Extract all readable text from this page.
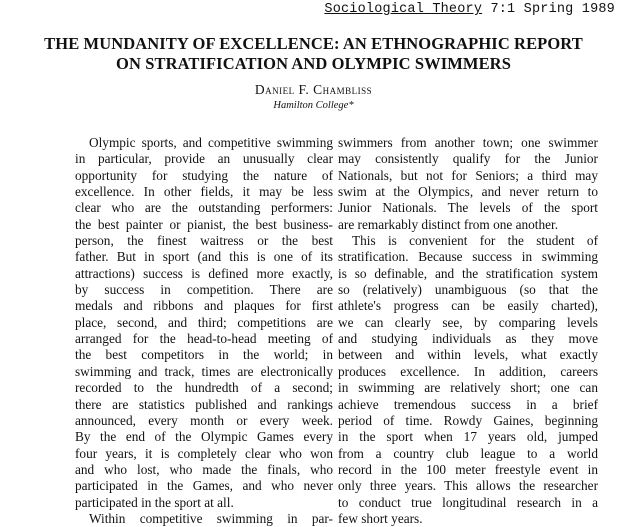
Sociological Theory 7:1 Spring 1989
THE MUNDANITY OF EXCELLENCE: AN ETHNOGRAPHIC REPORT
ON STRATIFICATION AND OLYMPIC SWIMMERS
Daniel F. Chambliss
Hamilton College*
Olympic sports, and competitive swimming
in particular, provide an unusually clear
opportunity for studying the nature of
excellence. In other fields, it may be less
clear who are the outstanding performers:
the best painter or pianist, the best business-
person, the finest waitress or the best
father. But in sport (and this is one of its
attractions) success is defined more exactly,
by success in competition. There are
medals and ribbons and plaques for first
place, second, and third; competitions are
arranged for the head-to-head meeting of
the best competitors in the world; in
swimming and track, times are electronically
recorded to the hundredth of a second;
there are statistics published and rankings
announced, every month or every week.
By the end of the Olympic Games every
four years, it is completely clear who won
and who lost, who made the finals, who
participated in the Games, and who never
participated in the sport at all.
Within competitive swimming in par-
swimmers from another town; one swimmer
may consistently qualify for the Junior
Nationals, but not for Seniors; a third may
swim at the Olympics, and never return to
Junior Nationals. The levels of the sport
are remarkably distinct from one another.
This is convenient for the student of
stratification. Because success in swimming
is so definable, and the stratification system
so (relatively) unambiguous (so that the
athlete's progress can be easily charted),
we can clearly see, by comparing levels
and studying individuals as they move
between and within levels, what exactly
produces excellence. In addition, careers
in swimming are relatively short; one can
achieve tremendous success in a brief
period of time. Rowdy Gaines, beginning
in the sport when 17 years old, jumped
from a country club league to a world
record in the 100 meter freestyle event in
only three years. This allows the researcher
to conduct true longitudinal research in a
few short years.
